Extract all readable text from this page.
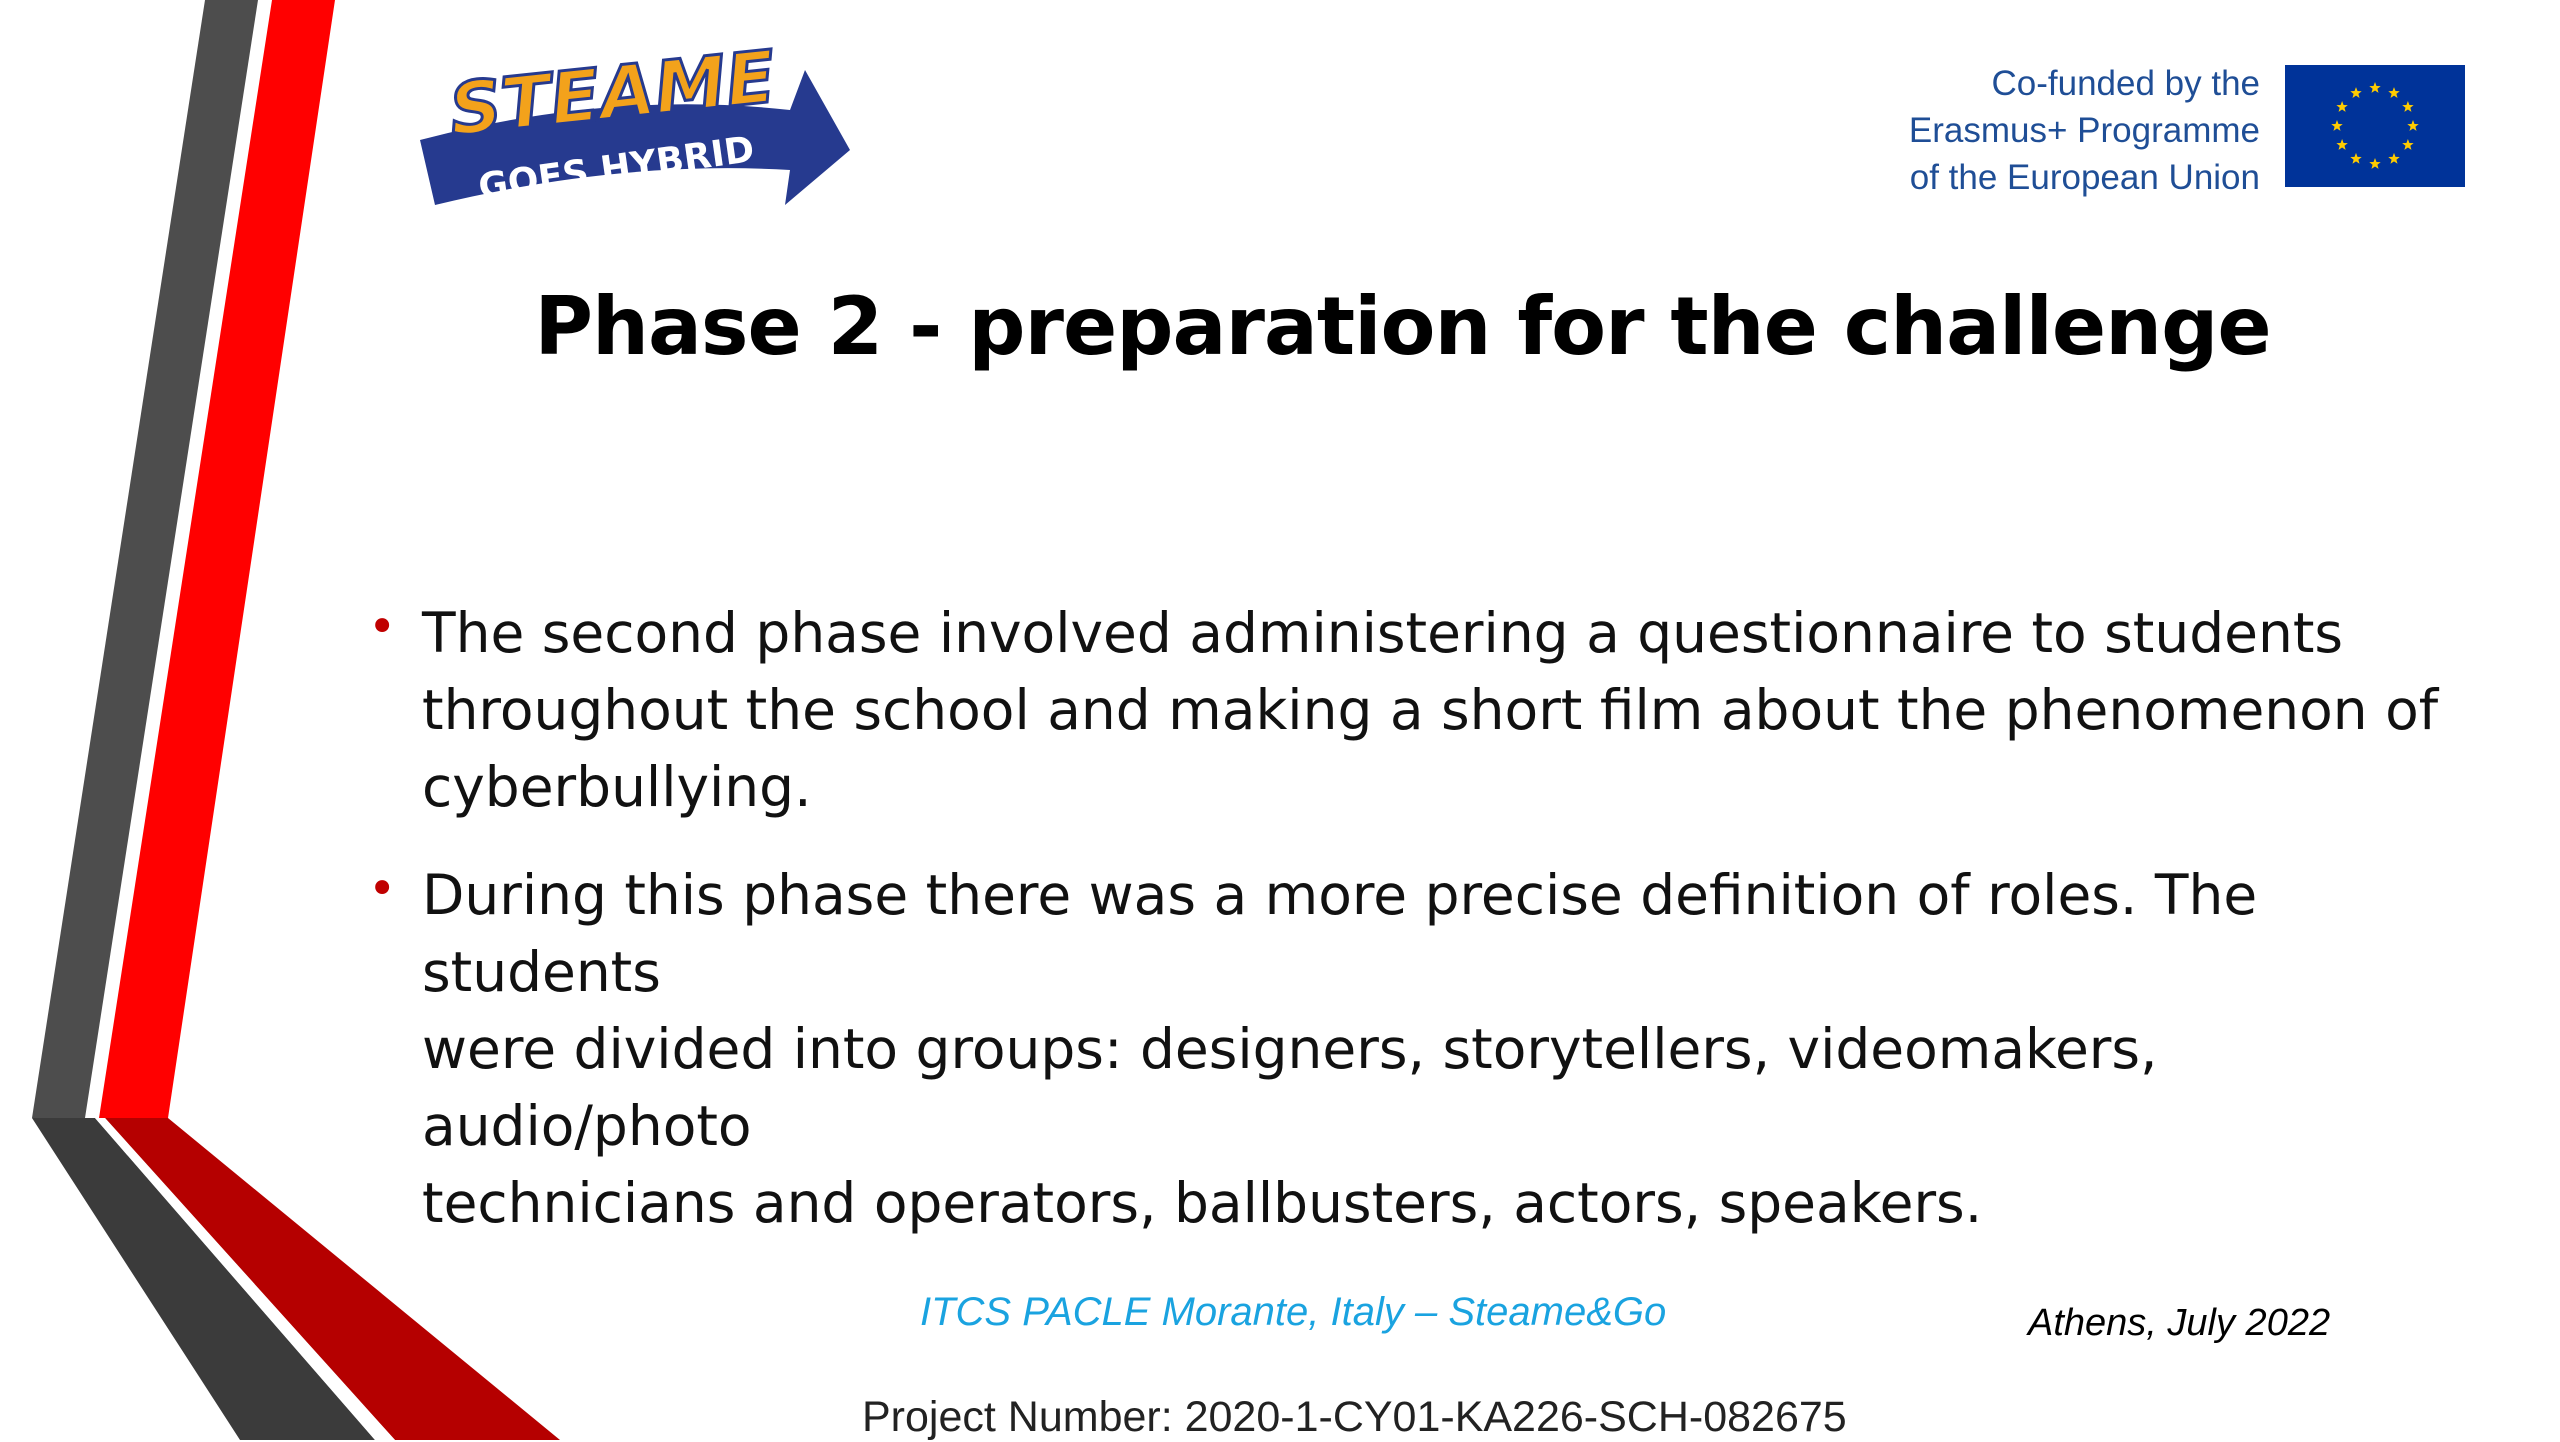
GOES HYBRID
STEAME	Co-funded by the
Erasmus+ Programme
of the European Union
Phase 2 - preparation for the challenge
• The second phase involved administering a questionnaire to students
throughout the school and making a short film about the phenomenon of
cyberbullying.
• During this phase there was a more precise definition of roles. The students
were divided into groups: designers, storytellers, videomakers, audio/photo
technicians and operators, ballbusters, actors, speakers.
ITCS PACLE Morante, Italy – Steame&Go	Athens, July 2022
Project Number: 2020-1-CY01-KA226-SCH-082675
